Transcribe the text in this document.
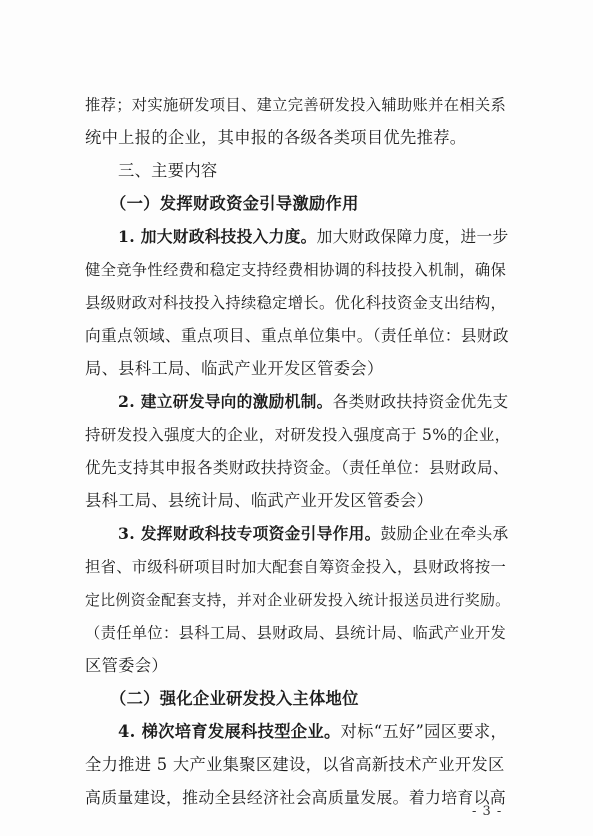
推荐；对实施研发项目、建立完善研发投入辅助账并在相关系
统中上报的企业，其申报的各级各类项目优先推荐。
三、主要内容
（一）发挥财政资金引导激励作用
1. 加大财政科技投入力度。加大财政保障力度，进一步
健全竞争性经费和稳定支持经费相协调的科技投入机制，确保
县级财政对科技投入持续稳定增长。优化科技资金支出结构，
向重点领域、重点项目、重点单位集中。（责任单位：县财政
局、县科工局、临武产业开发区管委会）
2. 建立研发导向的激励机制。各类财政扶持资金优先支
持研发投入强度大的企业，对研发投入强度高于 5%的企业，
优先支持其申报各类财政扶持资金。（责任单位：县财政局、
县科工局、县统计局、临武产业开发区管委会）
3. 发挥财政科技专项资金引导作用。鼓励企业在牵头承
担省、市级科研项目时加大配套自筹资金投入，县财政将按一
定比例资金配套支持，并对企业研发投入统计报送员进行奖励。
（责任单位：县科工局、县财政局、县统计局、临武产业开发
区管委会）
（二）强化企业研发投入主体地位
4. 梯次培育发展科技型企业。对标“五好”园区要求，
全力推进 5 大产业集聚区建设，以省高新技术产业开发区
高质量建设，推动全县经济社会高质量发展。着力培育以高
- 3 -
